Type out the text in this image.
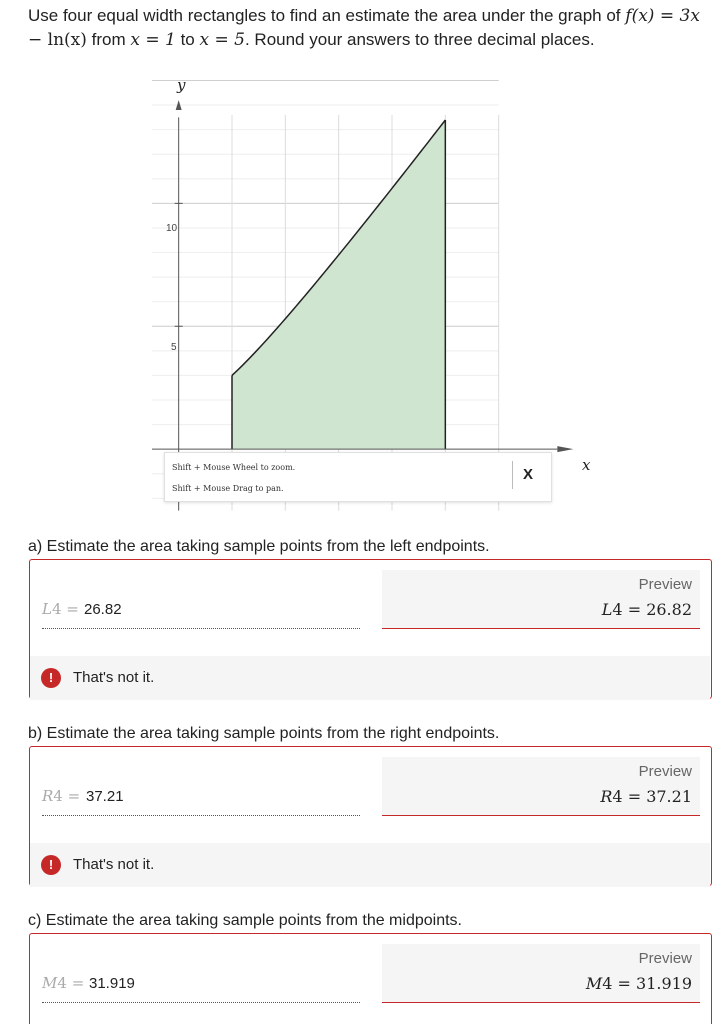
Use four equal width rectangles to find an estimate the area under the graph of f(x) = 3x − ln(x) from x = 1 to x = 5. Round your answers to three decimal places.
y
x
10
5
Shift + Mouse Wheel to zoom.
Shift + Mouse Drag to pan.
X
a) Estimate the area taking sample points from the left endpoints.
L4 = 26.82
Preview
L4 = 26.82
!	That's not it.
b) Estimate the area taking sample points from the right endpoints.
R4 = 37.21
Preview
R4 = 37.21
!	That's not it.
c) Estimate the area taking sample points from the midpoints.
M4 = 31.919
Preview
M4 = 31.919
